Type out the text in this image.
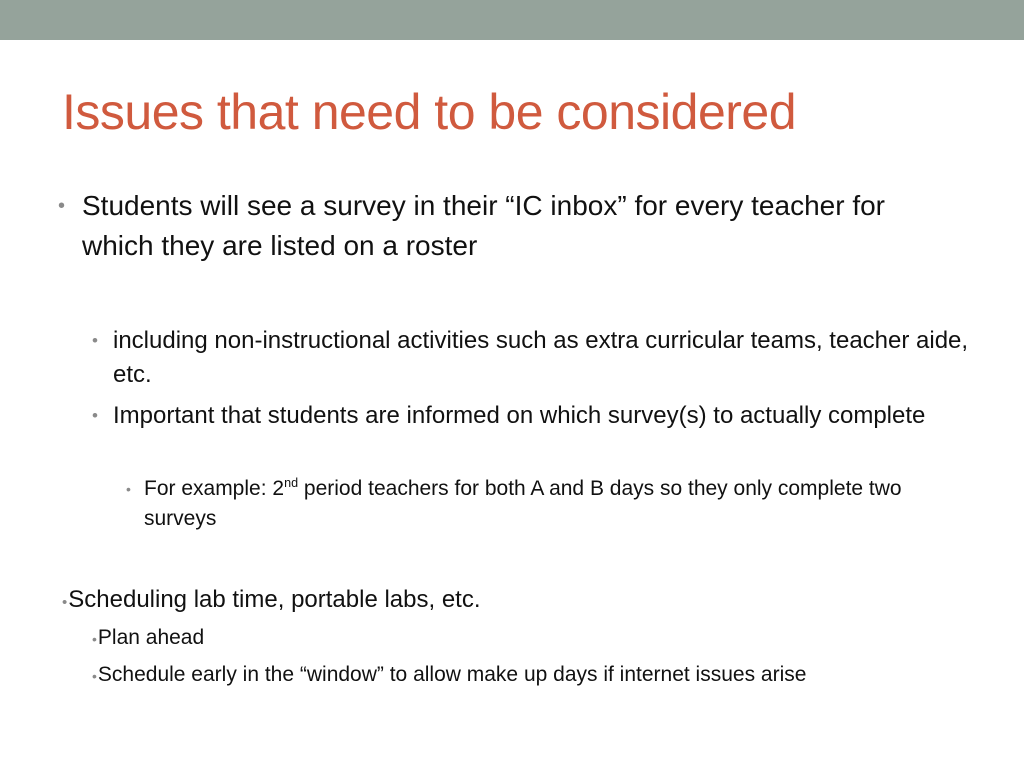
Issues that need to be considered
• Students will see a survey in their “IC inbox” for every teacher for which they are listed on a roster
• including non-instructional activities such as extra curricular teams, teacher aide, etc.
• Important that students are informed on which survey(s) to actually complete
• For example: 2nd period teachers for both A and B days so they only complete two surveys
•Scheduling lab time, portable labs, etc.
•Plan ahead
•Schedule early in the “window” to allow make up days if internet issues arise
